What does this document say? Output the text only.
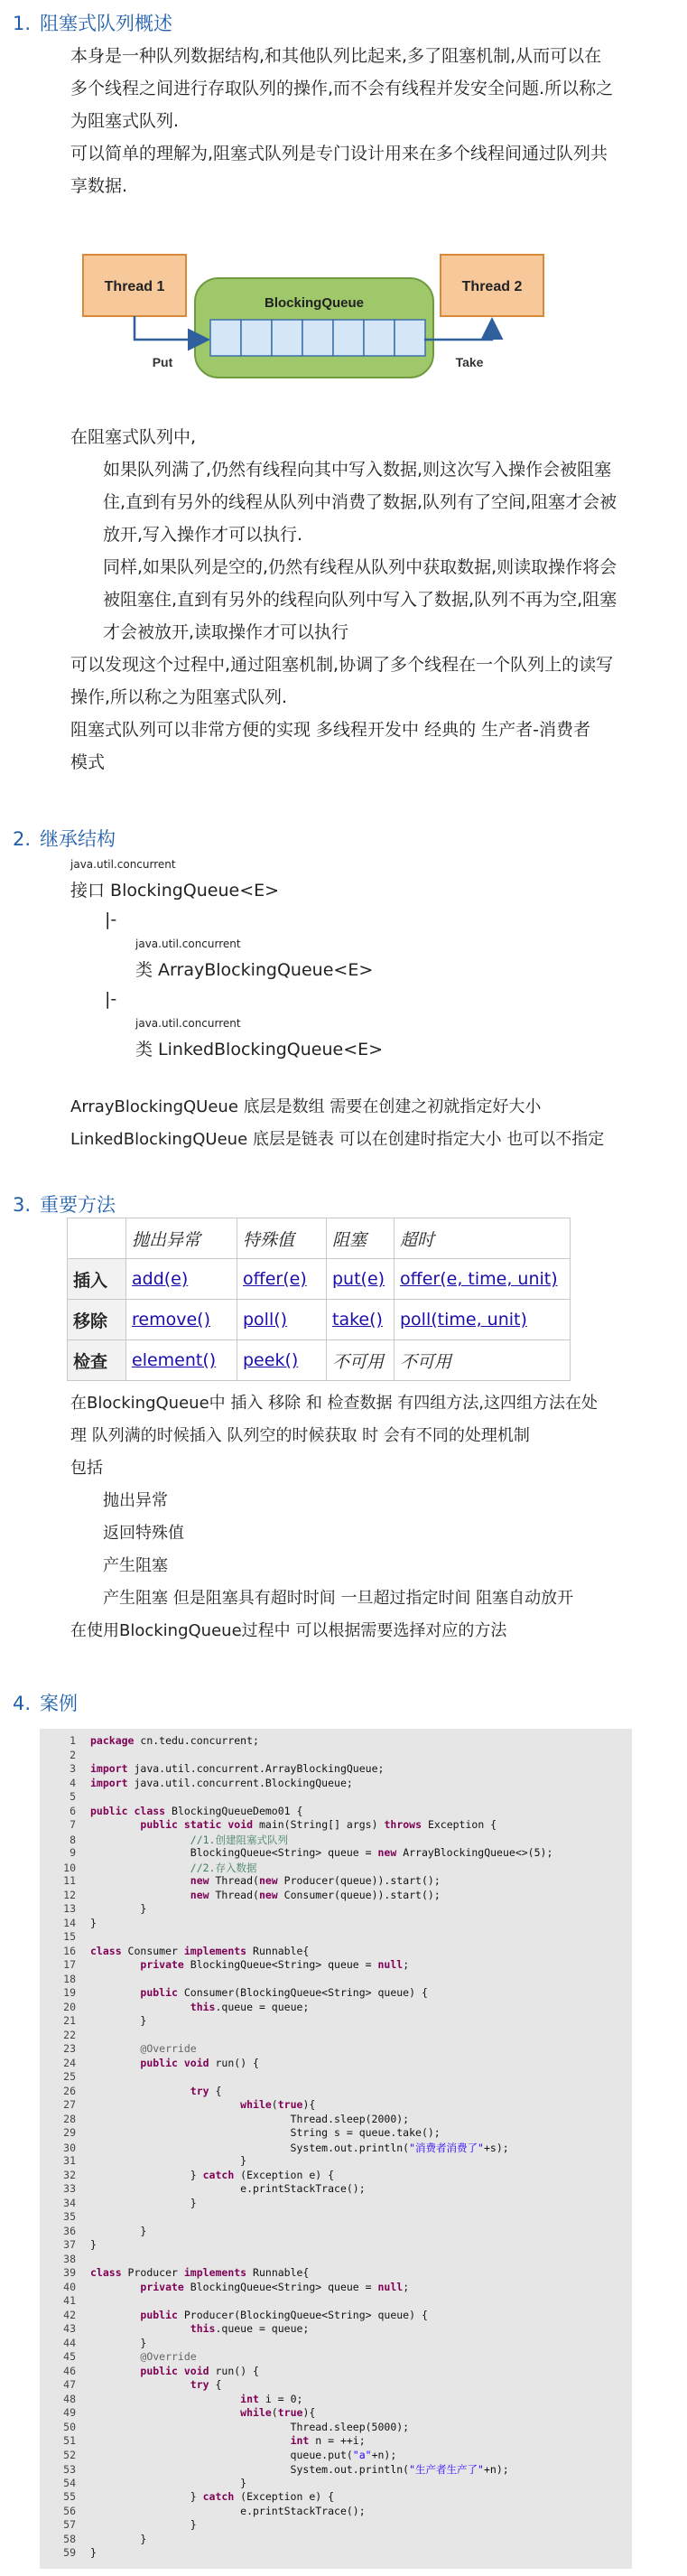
1. 阻塞式队列概述
本身是一种队列数据结构,和其他队列比起来,多了阻塞机制,从而可以在
多个线程之间进行存取队列的操作,而不会有线程并发安全问题.所以称之
为阻塞式队列.
可以简单的理解为,阻塞式队列是专门设计用来在多个线程间通过队列共
享数据.
Thread 1	Thread 2
BlockingQueue
Put	Take
在阻塞式队列中,
如果队列满了,仍然有线程向其中写入数据,则这次写入操作会被阻塞
住,直到有另外的线程从队列中消费了数据,队列有了空间,阻塞才会被
放开,写入操作才可以执行.
同样,如果队列是空的,仍然有线程从队列中获取数据,则读取操作将会
被阻塞住,直到有另外的线程向队列中写入了数据,队列不再为空,阻塞
才会被放开,读取操作才可以执行
可以发现这个过程中,通过阻塞机制,协调了多个线程在一个队列上的读写
操作,所以称之为阻塞式队列.
阻塞式队列可以非常方便的实现 多线程开发中 经典的 生产者-消费者
模式
2. 继承结构
java.util.concurrent
接口 BlockingQueue<E>
|-
java.util.concurrent
类 ArrayBlockingQueue<E>
|-
java.util.concurrent
类 LinkedBlockingQueue<E>
ArrayBlockingQUeue 底层是数组 需要在创建之初就指定好大小
LinkedBlockingQUeue 底层是链表 可以在创建时指定大小 也可以不指定
3. 重要方法
	抛出异常	特殊值	阻塞	超时
插入	add(e)	offer(e)	put(e)	offer(e, time, unit)
移除	remove()	poll()	take()	poll(time, unit)
检查	element()	peek()	不可用	不可用
在BlockingQueue中 插入 移除 和 检查数据 有四组方法,这四组方法在处
理 队列满的时候插入 队列空的时候获取 时 会有不同的处理机制
包括
抛出异常
返回特殊值
产生阻塞
产生阻塞 但是阻塞具有超时时间 一旦超过指定时间 阻塞自动放开
在使用BlockingQueue过程中 可以根据需要选择对应的方法
4. 案例
1 package cn.tedu.concurrent;
2
3 import java.util.concurrent.ArrayBlockingQueue;
4 import java.util.concurrent.BlockingQueue;
5
6 public class BlockingQueueDemo01 {
7	public static void main(String[] args) throws Exception {
8	//1.创建阻塞式队列
9                BlockingQueue<String> queue = new ArrayBlockingQueue<>(5);
10	//2.存入数据
11	new Thread(new Producer(queue)).start();
12	new Thread(new Consumer(queue)).start();
13        }
14 }
15
16 class Consumer implements Runnable{
17	private BlockingQueue<String> queue = null;
18
19	public Consumer(BlockingQueue<String> queue) {
20	this.queue = queue;
21        }
22
23	@Override
24	public void run() {
25
26	try {
27	while(true){
28                                Thread.sleep(2000);
29                                String s = queue.take();
30                                System.out.println("消费者消费了"+s);
31                        }
32                } catch (Exception e) {
33                        e.printStackTrace();
34                }
35
36        }
37 }
38
39 class Producer implements Runnable{
40	private BlockingQueue<String> queue = null;
41
42	public Producer(BlockingQueue<String> queue) {
43	this.queue = queue;
44        }
45	@Override
46	public void run() {
47	try {
48	int i = 0;
49	while(true){
50                                Thread.sleep(5000);
51	int n = ++i;
52                                queue.put("a"+n);
53                                System.out.println("生产者生产了"+n);
54                        }
55                } catch (Exception e) {
56                        e.printStackTrace();
57                }
58        }
59 }
